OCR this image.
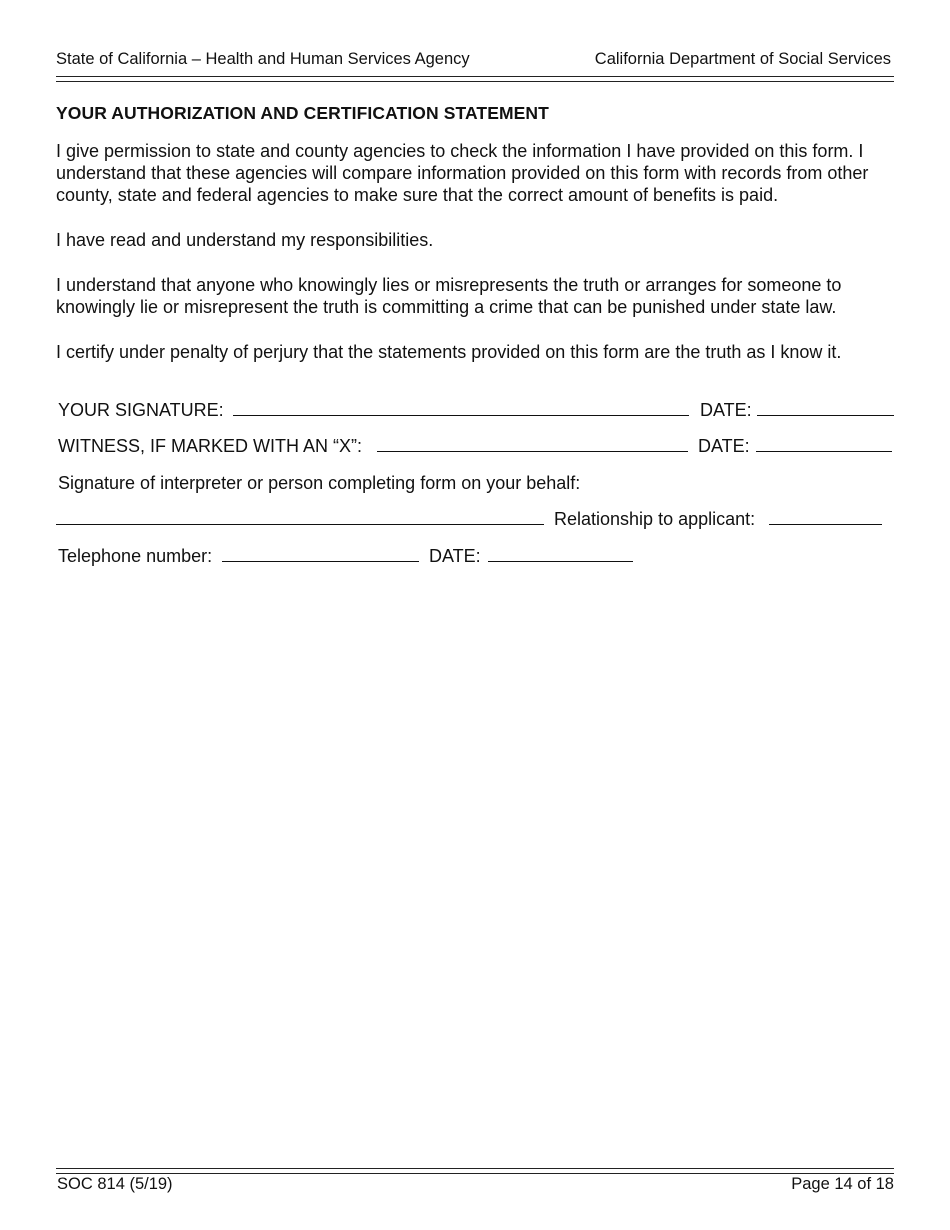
State of California – Health and Human Services Agency	California Department of Social Services
YOUR AUTHORIZATION AND CERTIFICATION STATEMENT
I give permission to state and county agencies to check the information I have provided on this form. I understand that these agencies will compare information provided on this form with records from other county, state and federal agencies to make sure that the correct amount of benefits is paid.
I have read and understand my responsibilities.
I understand that anyone who knowingly lies or misrepresents the truth or arranges for someone to knowingly lie or misrepresent the truth is committing a crime that can be punished under state law.
I certify under penalty of perjury that the statements provided on this form are the truth as I know it.
YOUR SIGNATURE:	DATE:
WITNESS, IF MARKED WITH AN “X”:	DATE:
Signature of interpreter or person completing form on your behalf:
Relationship to applicant:
Telephone number:	DATE:
SOC 814 (5/19)	Page 14 of 18
